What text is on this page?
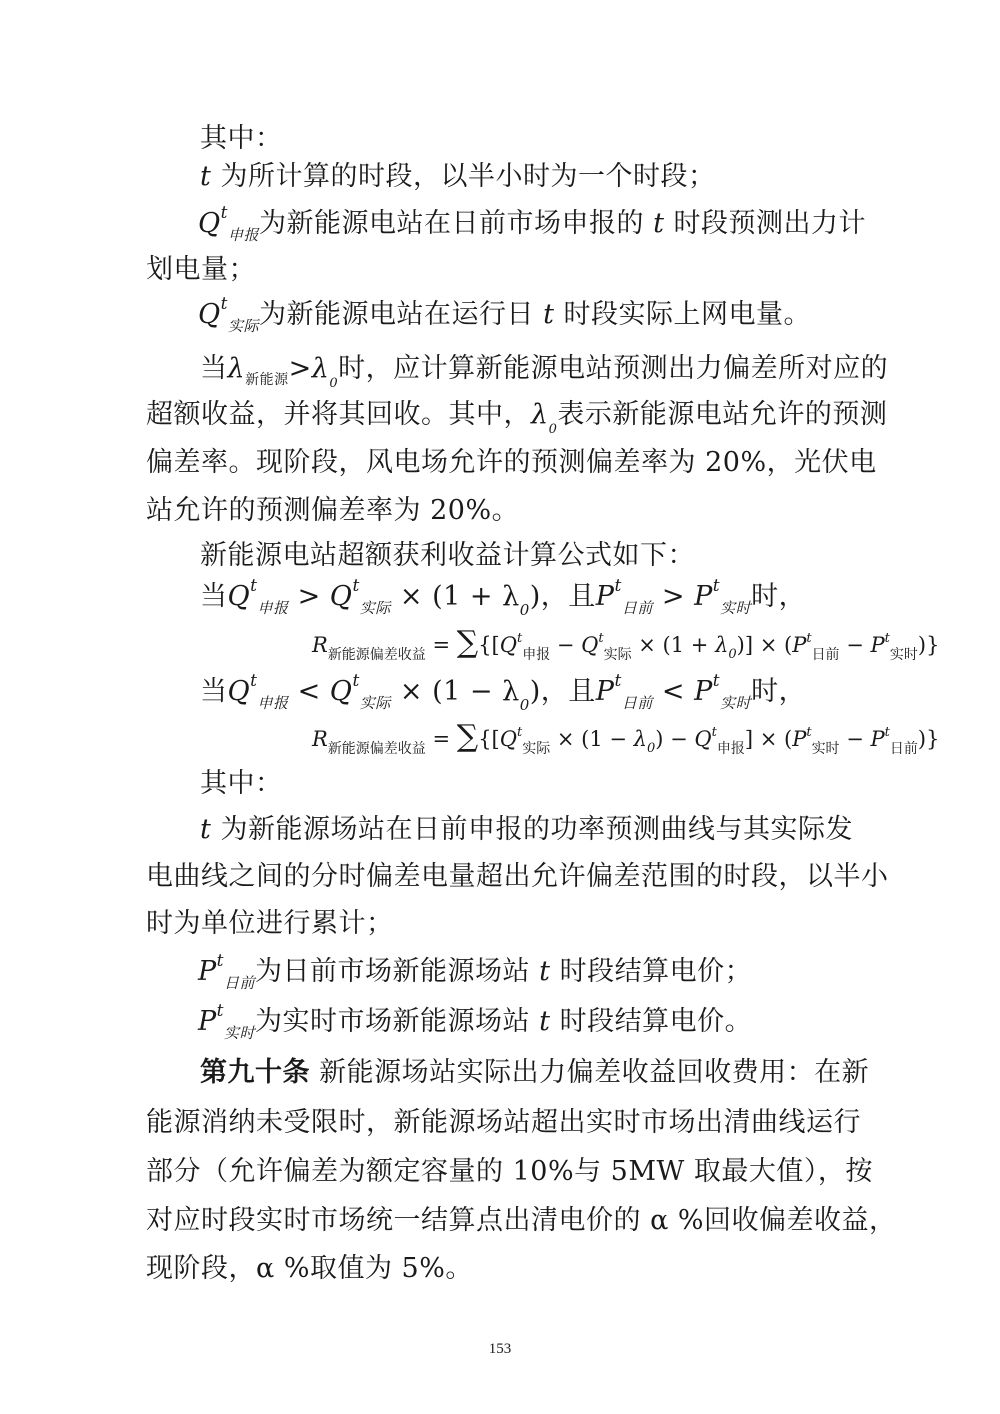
其中：
t 为所计算的时段，以半小时为一个时段；
$Q^t_{申报}$为新能源电站在日前市场申报的 t 时段预测出力计
划电量；
$Q^t_{实际}$为新能源电站在运行日 t 时段实际上网电量。
当$\lambda_{新能源}>\lambda_0$时，应计算新能源电站预测出力偏差所对应的
超额收益，并将其回收。其中，$\lambda_0$表示新能源电站允许的预测
偏差率。现阶段，风电场允许的预测偏差率为 20%，光伏电
站允许的预测偏差率为 20%。
新能源电站超额获利收益计算公式如下：
当$Q^t_{申报} > Q^t_{实际} \times (1 + \lambda_0)$，且$P^t_{日前} > P^t_{实时}$时，
$R_{新能源偏差收益} = \sum\{[Q^t_{申报} - Q^t_{实际} \times (1 + \lambda_0)] \times (P^t_{日前} - P^t_{实时})\}$
当$Q^t_{申报} < Q^t_{实际} \times (1 - \lambda_0)$，且$P^t_{日前} < P^t_{实时}$时，
$R_{新能源偏差收益} = \sum\{[Q^t_{实际} \times (1 - \lambda_0) - Q^t_{申报}] \times (P^t_{实时} - P^t_{日前})\}$
其中：
t 为新能源场站在日前申报的功率预测曲线与其实际发
电曲线之间的分时偏差电量超出允许偏差范围的时段，以半小
时为单位进行累计；
$P^t_{日前}$为日前市场新能源场站 t 时段结算电价；
$P^t_{实时}$为实时市场新能源场站 t 时段结算电价。
第九十条 新能源场站实际出力偏差收益回收费用：在新
能源消纳未受限时，新能源场站超出实时市场出清曲线运行
部分（允许偏差为额定容量的 10%与 5MW 取最大值），按
对应时段实时市场统一结算点出清电价的 α %回收偏差收益，
现阶段，α %取值为 5%。
153
